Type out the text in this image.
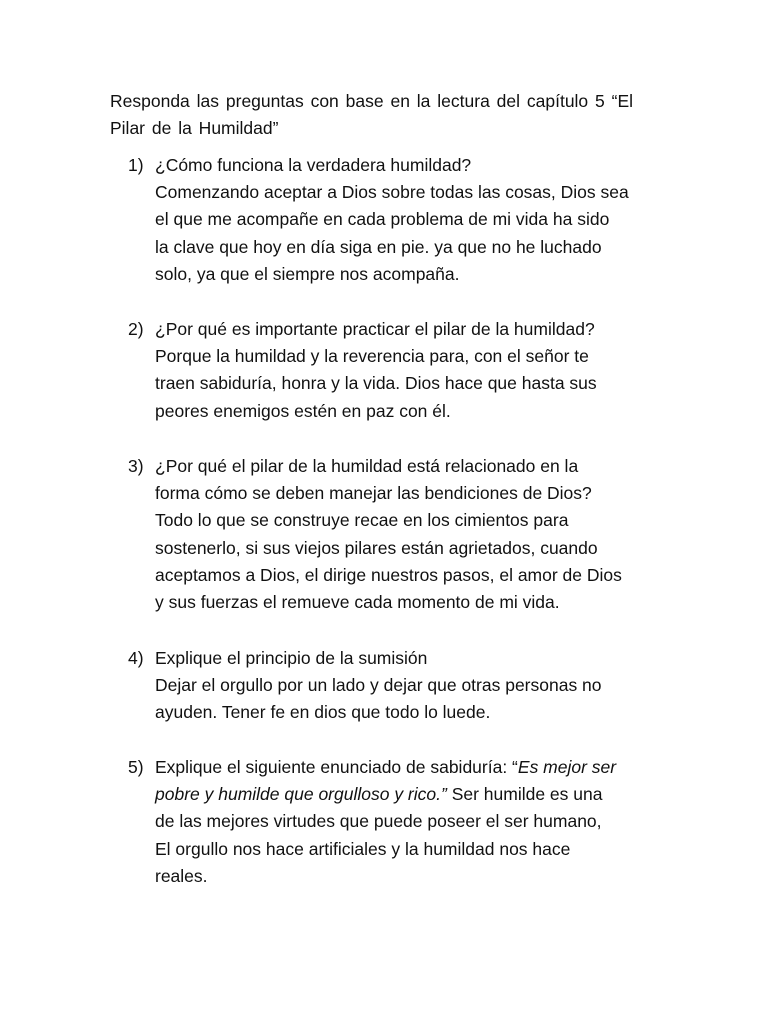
Responda las preguntas con base en la lectura del capítulo 5 “El Pilar de la Humildad”
1) ¿Cómo funciona la verdadera humildad?
Comenzando aceptar a Dios sobre todas las cosas, Dios sea
el que me acompañe en cada problema de mi vida ha sido
la clave que hoy en día siga en pie. ya que no he luchado
solo, ya que el siempre nos acompaña.
2) ¿Por qué es importante practicar el pilar de la humildad?
Porque la humildad y la reverencia para, con el señor te
traen sabiduría, honra y la vida. Dios hace que hasta sus
peores enemigos estén en paz con él.
3) ¿Por qué el pilar de la humildad está relacionado en la
forma cómo se deben manejar las bendiciones de Dios?
Todo lo que se construye recae en los cimientos para
sostenerlo, si sus viejos pilares están agrietados, cuando
aceptamos a Dios, el dirige nuestros pasos, el amor de Dios
y sus fuerzas el remueve cada momento de mi vida.
4) Explique el principio de la sumisión
Dejar el orgullo por un lado y dejar que otras personas no
ayuden. Tener fe en dios que todo lo luede.
5) Explique el siguiente enunciado de sabiduría: “Es mejor ser
pobre y humilde que orgulloso y rico.” Ser humilde es una
de las mejores virtudes que puede poseer el ser humano,
El orgullo nos hace artificiales y la humildad nos hace
reales.
